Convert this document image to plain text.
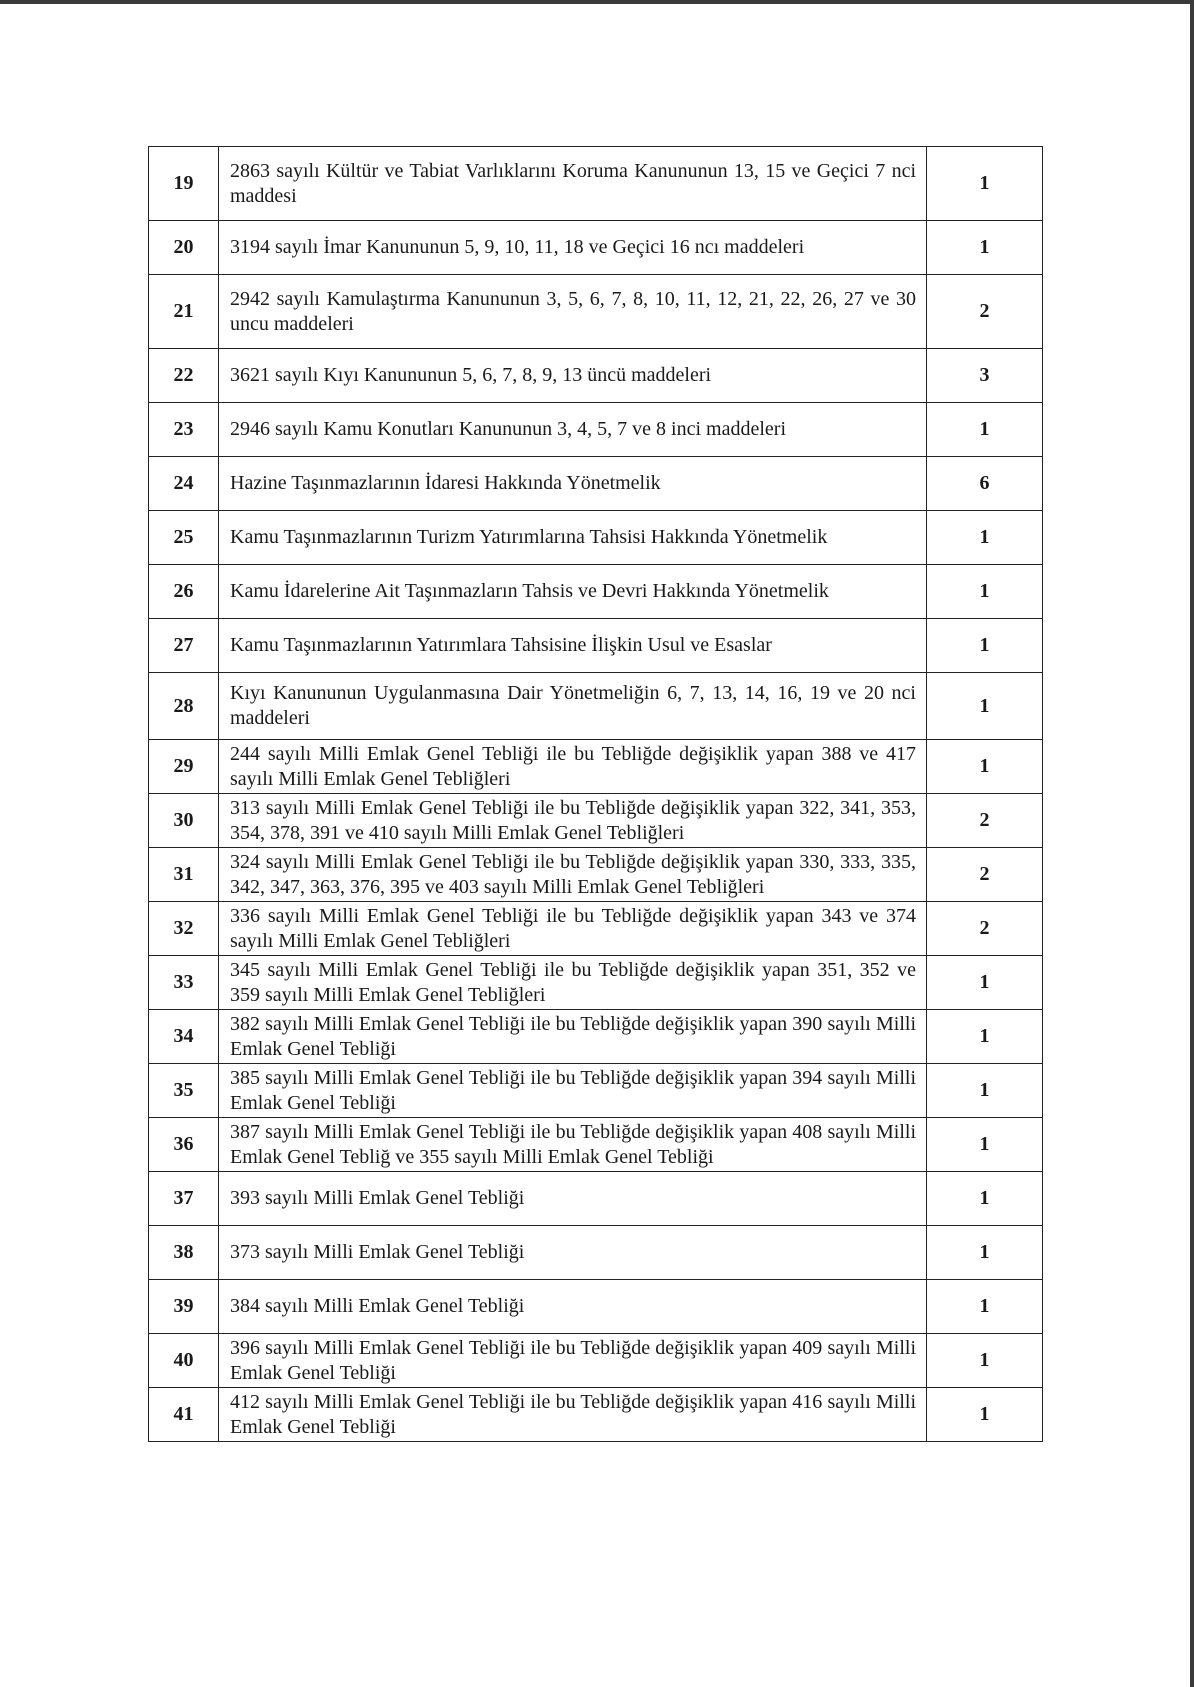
19	2863 sayılı Kültür ve Tabiat Varlıklarını Koruma Kanununun 13, 15 ve Geçici 7 nci maddesi	1
20	3194 sayılı İmar Kanununun 5, 9, 10, 11, 18 ve Geçici 16 ncı maddeleri	1
21	2942 sayılı Kamulaştırma Kanununun 3, 5, 6, 7, 8, 10, 11, 12, 21, 22, 26, 27 ve 30 uncu maddeleri	2
22	3621 sayılı Kıyı Kanununun 5, 6, 7, 8, 9, 13 üncü maddeleri	3
23	2946 sayılı Kamu Konutları Kanununun 3, 4, 5, 7 ve 8 inci maddeleri	1
24	Hazine Taşınmazlarının İdaresi Hakkında Yönetmelik	6
25	Kamu Taşınmazlarının Turizm Yatırımlarına Tahsisi Hakkında Yönetmelik	1
26	Kamu İdarelerine Ait Taşınmazların Tahsis ve Devri Hakkında Yönetmelik	1
27	Kamu Taşınmazlarının Yatırımlara Tahsisine İlişkin Usul ve Esaslar	1
28	Kıyı Kanununun Uygulanmasına Dair Yönetmeliğin 6, 7, 13, 14, 16, 19 ve 20 nci maddeleri	1
29	244 sayılı Milli Emlak Genel Tebliği ile bu Tebliğde değişiklik yapan 388 ve 417 sayılı Milli Emlak Genel Tebliğleri	1
30	313 sayılı Milli Emlak Genel Tebliği ile bu Tebliğde değişiklik yapan 322, 341, 353, 354, 378, 391 ve 410 sayılı Milli Emlak Genel Tebliğleri	2
31	324 sayılı Milli Emlak Genel Tebliği ile bu Tebliğde değişiklik yapan 330, 333, 335, 342, 347, 363, 376, 395 ve 403 sayılı Milli Emlak Genel Tebliğleri	2
32	336 sayılı Milli Emlak Genel Tebliği ile bu Tebliğde değişiklik yapan 343 ve 374 sayılı Milli Emlak Genel Tebliğleri	2
33	345 sayılı Milli Emlak Genel Tebliği ile bu Tebliğde değişiklik yapan 351, 352 ve 359 sayılı Milli Emlak Genel Tebliğleri	1
34	382 sayılı Milli Emlak Genel Tebliği ile bu Tebliğde değişiklik yapan 390 sayılı Milli Emlak Genel Tebliği	1
35	385 sayılı Milli Emlak Genel Tebliği ile bu Tebliğde değişiklik yapan 394 sayılı Milli Emlak Genel Tebliği	1
36	387 sayılı Milli Emlak Genel Tebliği ile bu Tebliğde değişiklik yapan 408 sayılı Milli Emlak Genel Tebliğ ve 355 sayılı Milli Emlak Genel Tebliği	1
37	393 sayılı Milli Emlak Genel Tebliği	1
38	373 sayılı Milli Emlak Genel Tebliği	1
39	384 sayılı Milli Emlak Genel Tebliği	1
40	396 sayılı Milli Emlak Genel Tebliği ile bu Tebliğde değişiklik yapan 409 sayılı Milli Emlak Genel Tebliği	1
41	412 sayılı Milli Emlak Genel Tebliği ile bu Tebliğde değişiklik yapan 416 sayılı Milli Emlak Genel Tebliği	1
